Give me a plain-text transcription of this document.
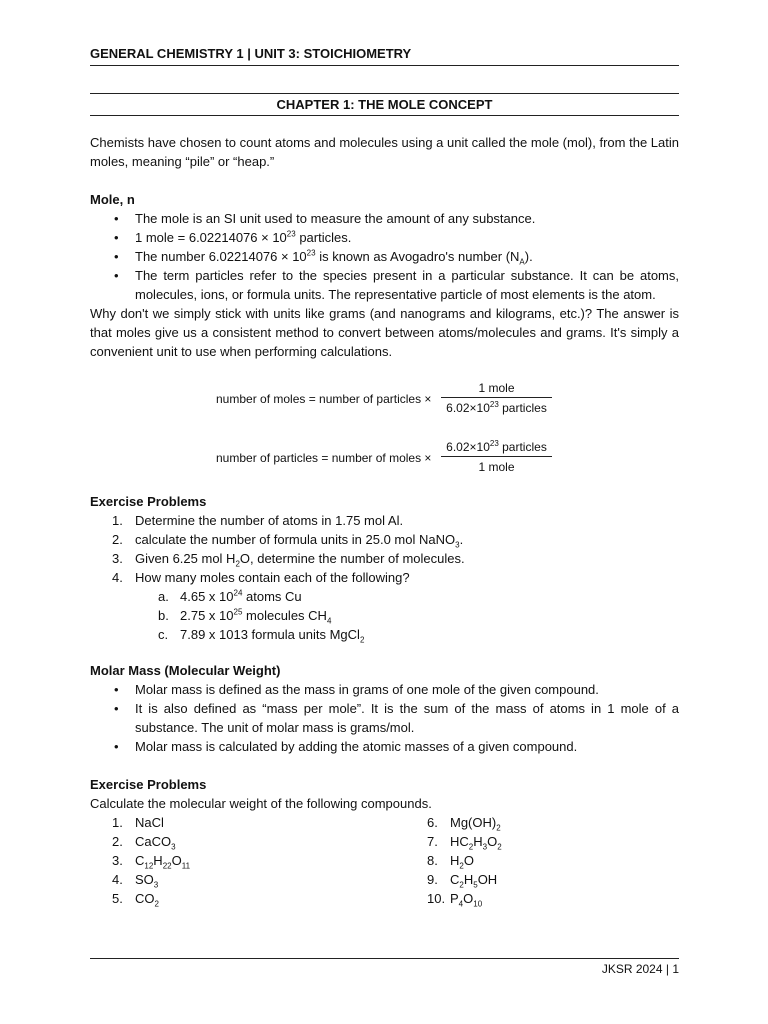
GENERAL CHEMISTRY 1 | UNIT 3: STOICHIOMETRY
CHAPTER 1: THE MOLE CONCEPT
Chemists have chosen to count atoms and molecules using a unit called the mole (mol), from the Latin moles, meaning “pile” or “heap.”
Mole, n
• The mole is an SI unit used to measure the amount of any substance.
• 1 mole = $6.02214076 \times 10^{23}$ particles.
• The number $6.02214076 \times 10^{23}$ is known as Avogadro's number $(N_A)$.
• The term particles refer to the species present in a particular substance. It can be atoms, molecules, ions, or formula units. The representative particle of most elements is the atom.
Why don't we simply stick with units like grams (and nanograms and kilograms, etc.)? The answer is that moles give us a consistent method to convert between atoms/molecules and grams. It's simply a convenient unit to use when performing calculations.
number of moles = number of particles ×
1 mole
$6.02\times 10^{23}$ particles
number of particles = number of moles ×
$6.02\times 10^{23}$ particles
1 mole
Exercise Problems
1. Determine the number of atoms in 1.75 mol Al.
2. calculate the number of formula units in 25.0 mol NaNO$_3$.
3. Given 6.25 mol $H_2O$, determine the number of molecules.
4. How many moles contain each of the following?
a. 4.65 x $10^{24}$ atoms Cu
b. 2.75 x $10^{25}$ molecules $CH_4$
c. 7.89 x 1013 formula units MgCl$_2$
Molar Mass (Molecular Weight)
• Molar mass is defined as the mass in grams of one mole of the given compound.
• It is also defined as “mass per mole”. It is the sum of the mass of atoms in 1 mole of a substance. The unit of molar mass is grams/mol.
• Molar mass is calculated by adding the atomic masses of a given compound.
Exercise Problems
Calculate the molecular weight of the following compounds.
1. NaCl
2. CaCO$_3$
3. $C_{12}H_{22}O_{11}$
4. $SO_3$
5. $CO_2$
6. $Mg(OH)_2$
7. $HC_2H_3O_2$
8. $H_2O$
9. $C_2H_5OH$
10. $P_4O_{10}$
JKSR 2024 | 1
